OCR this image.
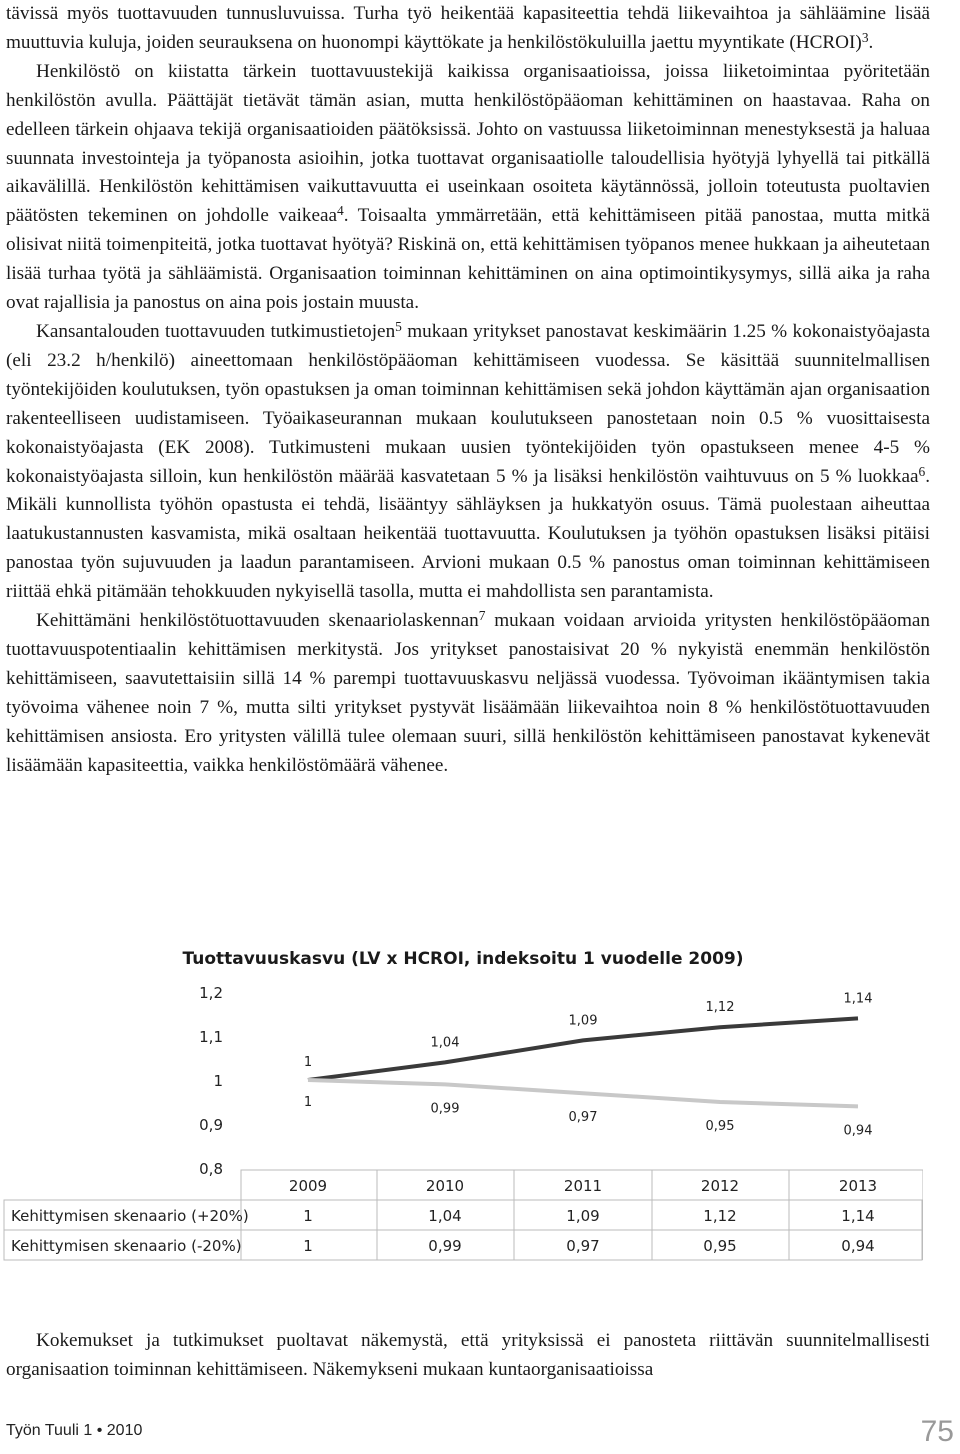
tävissä myös tuottavuuden tunnusluvuissa. Turha työ heikentää kapasiteettia tehdä liikevaihtoa ja sähläämine lisää muuttuvia kuluja, joiden seurauksena on huonompi käyttökate ja henkilöstökuluilla jaettu myyntikate (HCROI)$^3$.

Henkilöstö on kiistatta tärkein tuottavuustekijä kaikissa organisaatioissa, joissa liiketoimintaa pyöritetään henkilöstön avulla. Päättäjät tietävät tämän asian, mutta henkilöstöpääoman kehittäminen on haastavaa. Raha on edelleen tärkein ohjaava tekijä organisaatioiden päätöksissä. Johto on vastuussa liiketoiminnan menestyksestä ja haluaa suunnata investointeja ja työpanosta asioihin, jotka tuottavat organisaatiolle taloudellisia hyötyjä lyhyellä tai pitkällä aikavälillä. Henkilöstön kehittämisen vaikuttavuutta ei useinkaan osoiteta käytännössä, jolloin toteutusta puoltavien päätösten tekeminen on johdolle vaikeaa$^4$. Toisaalta ymmärretään, että kehittämiseen pitää panostaa, mutta mitkä olisivat niitä toimenpiteitä, jotka tuottavat hyötyä? Riskinä on, että kehittämisen työpanos menee hukkaan ja aiheutetaan lisää turhaa työtä ja sähläämistä. Organisaation toiminnan kehittäminen on aina optimointikysymys, sillä aika ja raha ovat rajallisia ja panostus on aina pois jostain muusta.

Kansantalouden tuottavuuden tutkimustietojen$^5$ mukaan yritykset panostavat keskimäärin 1.25 % kokonaistyöajasta (eli 23.2 h/henkilö) aineettomaan henkilöstöpääoman kehittämiseen vuodessa. Se käsittää suunnitelmallisen työntekijöiden koulutuksen, työn opastuksen ja oman toiminnan kehittämisen sekä johdon käyttämän ajan organisaation rakenteelliseen uudistamiseen. Työaikaseurannan mukaan koulutukseen panostetaan noin 0.5 % vuosittaisesta kokonaistyöajasta (EK 2008). Tutkimusteni mukaan uusien työntekijöiden työn opastukseen menee 4-5 % kokonaistyöajasta silloin, kun henkilöstön määrää kasvatetaan 5 % ja lisäksi henkilöstön vaihtuvuus on 5 % luokkaa$^6$. Mikäli kunnollista työhön opastusta ei tehdä, lisääntyy sähläyksen ja hukkatyön osuus. Tämä puolestaan aiheuttaa laatukustannusten kasvamista, mikä osaltaan heikentää tuottavuutta. Koulutuksen ja työhön opastuksen lisäksi pitäisi panostaa työn sujuvuuden ja laadun parantamiseen. Arvioni mukaan 0.5 % panostus oman toiminnan kehittämiseen riittää ehkä pitämään tehokkuuden nykyisellä tasolla, mutta ei mahdollista sen parantamista.

Kehittämäni henkilöstötuottavuuden skenaariolaskennan$^7$ mukaan voidaan arvioida yritysten henkilöstöpääoman tuottavuuspotentiaalin kehittämisen merkitystä. Jos yritykset panostaisivat 20 % nykyistä enemmän henkilöstön kehittämiseen, saavutettaisiin sillä 14 % parempi tuottavuuskasvu neljässä vuodessa. Työvoiman ikääntymisen takia työvoima vähenee noin 7 %, mutta silti yritykset pystyvät lisäämään liikevaihtoa noin 8 % henkilöstötuottavuuden kehittämisen ansiosta. Ero yritysten välillä tulee olemaan suuri, sillä henkilöstön kehittämiseen panostavat kykenevät lisäämään kapasiteettia, vaikka henkilöstömäärä vähenee.

Tuottavuuskasvu (LV x HCROI, indeksoitu 1 vuodelle 2009)
1,2
1,1
1
0,9
0,8
1
1,04
1,09
1,12
1,14
1	0,99
0,97
0,95	0,94
2009	2010	2011	2012	2013
Kehittymisen skenaario (+20%)	1	1,04	1,09	1,12	1,14
Kehittymisen skenaario (-20%)	1	0,99	0,97	0,95	0,94

Kokemukset ja tutkimukset puoltavat näkemystä, että yrityksissä ei panosteta riittävän suunnitelmallisesti organisaation toiminnan kehittämiseen. Näkemykseni mukaan kuntaorganisaatioissa

Työn Tuuli 1 • 2010	75
